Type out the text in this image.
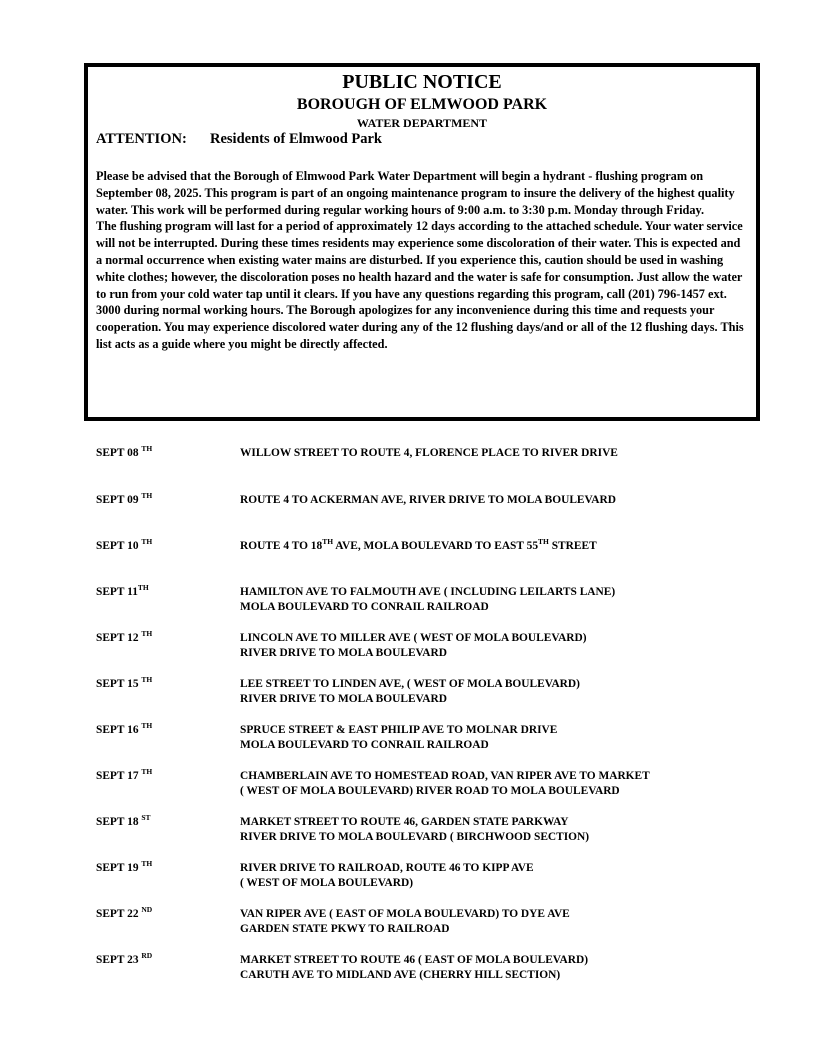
PUBLIC NOTICE
BOROUGH OF ELMWOOD PARK
WATER DEPARTMENT
ATTENTION: Residents of Elmwood Park

Please be advised that the Borough of Elmwood Park Water Department will begin a hydrant - flushing program on September 08, 2025. This program is part of an ongoing maintenance program to insure the delivery of the highest quality water. This work will be performed during regular working hours of 9:00 a.m. to 3:30 p.m. Monday through Friday.

The flushing program will last for a period of approximately 12 days according to the attached schedule. Your water service will not be interrupted. During these times residents may experience some discoloration of their water. This is expected and a normal occurrence when existing water mains are disturbed. If you experience this, caution should be used in washing white clothes; however, the discoloration poses no health hazard and the water is safe for consumption. Just allow the water to run from your cold water tap until it clears. If you have any questions regarding this program, call (201) 796-1457 ext. 3000 during normal working hours. The Borough apologizes for any inconvenience during this time and requests your cooperation. You may experience discolored water during any of the 12 flushing days/and or all of the 12 flushing days. This list acts as a guide where you might be directly affected.

SEPT 08 $^{TH}$	WILLOW STREET TO ROUTE 4, FLORENCE PLACE TO RIVER DRIVE
SEPT 09 $^{TH}$	ROUTE 4 TO ACKERMAN AVE, RIVER DRIVE TO MOLA BOULEVARD
SEPT 10 $^{TH}$	ROUTE 4 TO 18TH AVE, MOLA BOULEVARD TO EAST 55TH STREET
SEPT 11TH	HAMILTON AVE TO FALMOUTH AVE ( INCLUDING LEILARTS LANE)
MOLA BOULEVARD TO CONRAIL RAILROAD
SEPT 12 $^{TH}$	LINCOLN AVE TO MILLER AVE ( WEST OF MOLA BOULEVARD)
RIVER DRIVE TO MOLA BOULEVARD
SEPT 15 $^{TH}$	LEE STREET TO LINDEN AVE, ( WEST OF MOLA BOULEVARD)
RIVER DRIVE TO MOLA BOULEVARD
SEPT 16 $^{TH}$	SPRUCE STREET & EAST PHILIP AVE TO MOLNAR DRIVE
MOLA BOULEVARD TO CONRAIL RAILROAD
SEPT 17 $^{TH}$	CHAMBERLAIN AVE TO HOMESTEAD ROAD, VAN RIPER AVE TO MARKET
( WEST OF MOLA BOULEVARD) RIVER ROAD TO MOLA BOULEVARD
SEPT 18 $^{ST}$	MARKET STREET TO ROUTE 46, GARDEN STATE PARKWAY
RIVER DRIVE TO MOLA BOULEVARD ( BIRCHWOOD SECTION)
SEPT 19 $^{TH}$	RIVER DRIVE TO RAILROAD, ROUTE 46 TO KIPP AVE
( WEST OF MOLA BOULEVARD)
SEPT 22 $^{ND}$	VAN RIPER AVE ( EAST OF MOLA BOULEVARD) TO DYE AVE
GARDEN STATE PKWY TO RAILROAD
SEPT 23 $^{RD}$	MARKET STREET TO ROUTE 46 ( EAST OF MOLA BOULEVARD)
CARUTH AVE TO MIDLAND AVE (CHERRY HILL SECTION)
